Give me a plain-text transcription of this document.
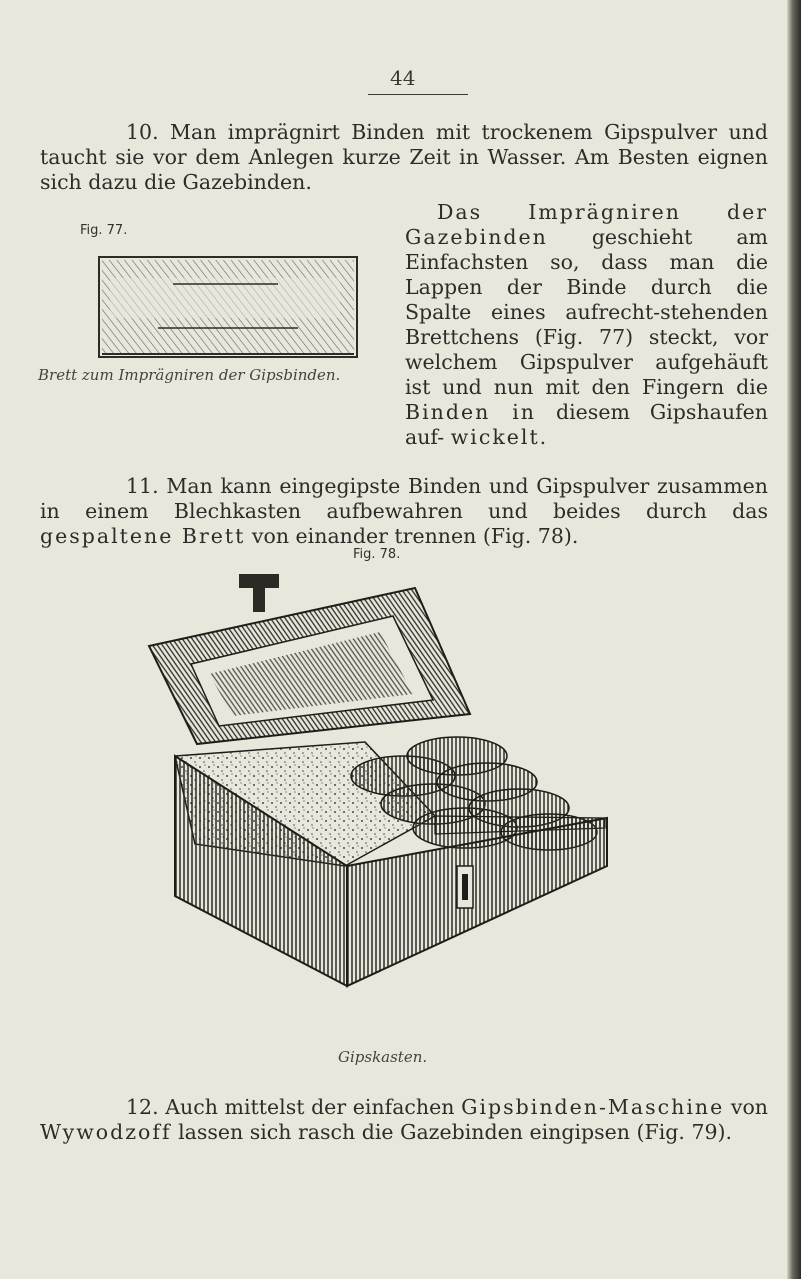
44

10. Man imprägnirt Binden mit trockenem Gipspulver und taucht sie vor dem Anlegen kurze Zeit in Wasser. Am Besten eignen sich dazu die Gazebinden.

Fig. 77.

Das Imprägniren der Gazebinden geschieht am Einfachsten so, dass man die Lappen der Binde durch die Spalte eines aufrecht-stehenden Brettchens (Fig. 77) steckt, vor welchem Gipspulver aufgehäuft ist und nun mit den Fingern die Binden in diesem Gipshaufen auf- wickelt.

Brett zum Imprägniren der Gipsbinden.

11. Man kann eingegipste Binden und Gipspulver zusammen in einem Blechkasten aufbewahren und beides durch das gespaltene Brett von einander trennen (Fig. 78).

Fig. 78.
Gipskasten.

12. Auch mittelst der einfachen Gipsbinden-Maschine von Wywodzoff lassen sich rasch die Gazebinden eingipsen (Fig. 79).
